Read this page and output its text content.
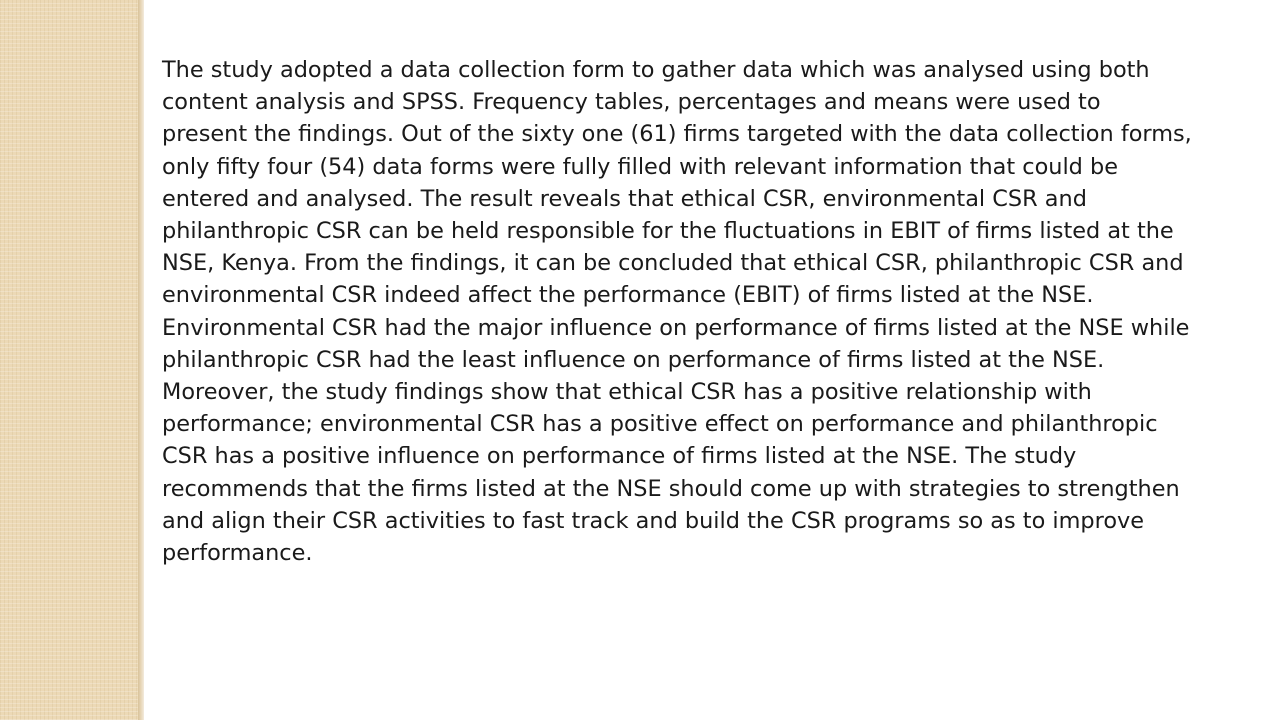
The study adopted a data collection form to gather data which was analysed using both content analysis and SPSS. Frequency tables, percentages and means were used to present the findings. Out of the sixty one (61) firms targeted with the data collection forms, only fifty four (54) data forms were fully filled with relevant information that could be entered and analysed. The result reveals that ethical CSR, environmental CSR and philanthropic CSR can be held responsible for the fluctuations in EBIT of firms listed at the NSE, Kenya. From the findings, it can be concluded that ethical CSR, philanthropic CSR and environmental CSR indeed affect the performance (EBIT) of firms listed at the NSE. Environmental CSR had the major influence on performance of firms listed at the NSE while philanthropic CSR had the least influence on performance of firms listed at the NSE. Moreover, the study findings show that ethical CSR has a positive relationship with performance; environmental CSR has a positive effect on performance and philanthropic CSR has a positive influence on performance of firms listed at the NSE. The study recommends that the firms listed at the NSE should come up with strategies to strengthen and align their CSR activities to fast track and build the CSR programs so as to improve performance.
